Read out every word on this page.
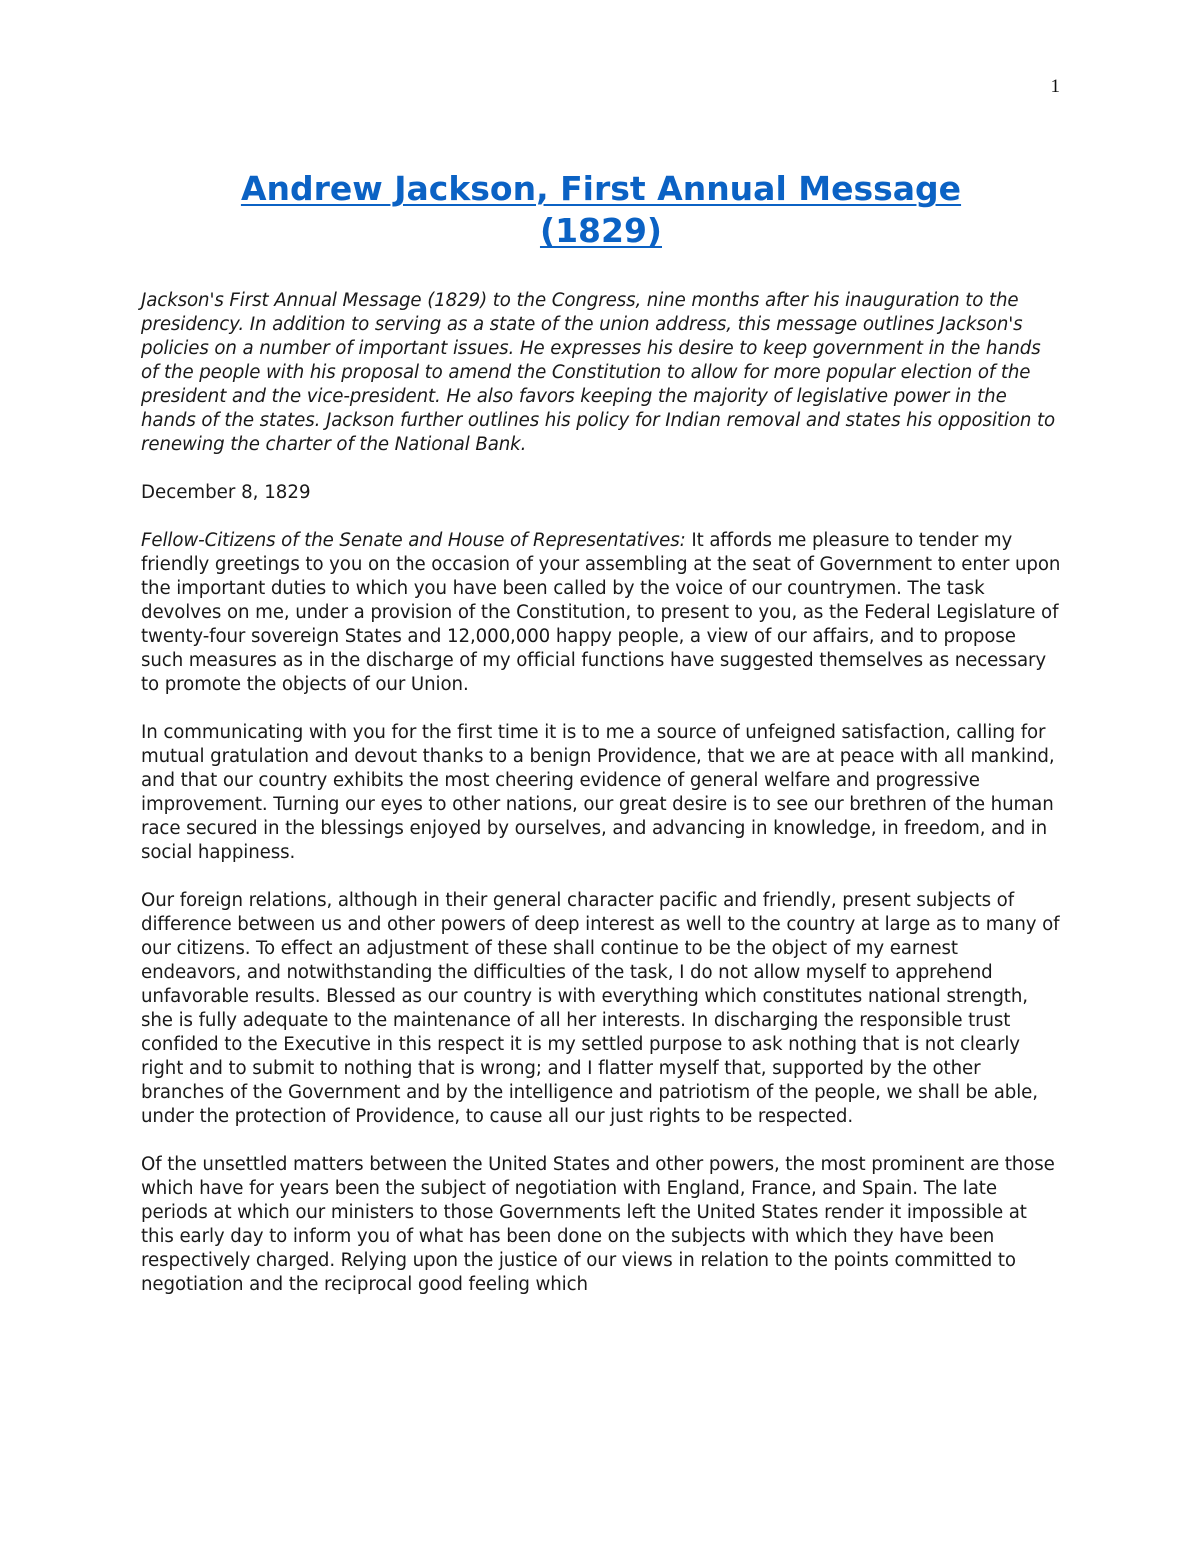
1
Andrew Jackson, First Annual Message
(1829)

Jackson's First Annual Message (1829) to the Congress, nine months after his inauguration to the presidency. In addition to serving as a state of the union address, this message outlines Jackson's policies on a number of important issues. He expresses his desire to keep government in the hands of the people with his proposal to amend the Constitution to allow for more popular election of the president and the vice-president. He also favors keeping the majority of legislative power in the hands of the states. Jackson further outlines his policy for Indian removal and states his opposition to renewing the charter of the National Bank.

December 8, 1829

Fellow-Citizens of the Senate and House of Representatives: It affords me pleasure to tender my friendly greetings to you on the occasion of your assembling at the seat of Government to enter upon the important duties to which you have been called by the voice of our countrymen. The task devolves on me, under a provision of the Constitution, to present to you, as the Federal Legislature of twenty-four sovereign States and 12,000,000 happy people, a view of our affairs, and to propose such measures as in the discharge of my official functions have suggested themselves as necessary to promote the objects of our Union.

In communicating with you for the first time it is to me a source of unfeigned satisfaction, calling for mutual gratulation and devout thanks to a benign Providence, that we are at peace with all mankind, and that our country exhibits the most cheering evidence of general welfare and progressive improvement. Turning our eyes to other nations, our great desire is to see our brethren of the human race secured in the blessings enjoyed by ourselves, and advancing in knowledge, in freedom, and in social happiness.

Our foreign relations, although in their general character pacific and friendly, present subjects of difference between us and other powers of deep interest as well to the country at large as to many of our citizens. To effect an adjustment of these shall continue to be the object of my earnest endeavors, and notwithstanding the difficulties of the task, I do not allow myself to apprehend unfavorable results. Blessed as our country is with everything which constitutes national strength, she is fully adequate to the maintenance of all her interests. In discharging the responsible trust confided to the Executive in this respect it is my settled purpose to ask nothing that is not clearly right and to submit to nothing that is wrong; and I flatter myself that, supported by the other branches of the Government and by the intelligence and patriotism of the people, we shall be able, under the protection of Providence, to cause all our just rights to be respected.

Of the unsettled matters between the United States and other powers, the most prominent are those which have for years been the subject of negotiation with England, France, and Spain. The late periods at which our ministers to those Governments left the United States render it impossible at this early day to inform you of what has been done on the subjects with which they have been respectively charged. Relying upon the justice of our views in relation to the points committed to negotiation and the reciprocal good feeling which
